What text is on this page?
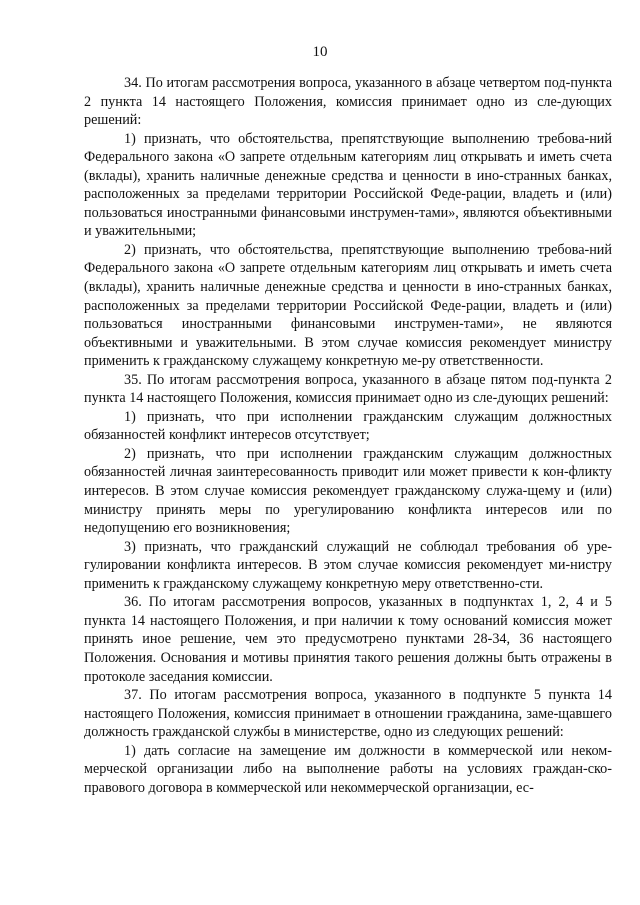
10

34. По итогам рассмотрения вопроса, указанного в абзаце четвертом под-пункта 2 пункта 14 настоящего Положения, комиссия принимает одно из сле-дующих решений:

1) признать, что обстоятельства, препятствующие выполнению требова-ний Федерального закона «О запрете отдельным категориям лиц открывать и иметь счета (вклады), хранить наличные денежные средства и ценности в ино-странных банках, расположенных за пределами территории Российской Феде-рации, владеть и (или) пользоваться иностранными финансовыми инструмен-тами», являются объективными и уважительными;

2) признать, что обстоятельства, препятствующие выполнению требова-ний Федерального закона «О запрете отдельным категориям лиц открывать и иметь счета (вклады), хранить наличные денежные средства и ценности в ино-странных банках, расположенных за пределами территории Российской Феде-рации, владеть и (или) пользоваться иностранными финансовыми инструмен-тами», не являются объективными и уважительными. В этом случае комиссия рекомендует министру применить к гражданскому служащему конкретную ме-ру ответственности.

35. По итогам рассмотрения вопроса, указанного в абзаце пятом под-пункта 2 пункта 14 настоящего Положения, комиссия принимает одно из сле-дующих решений:

1) признать, что при исполнении гражданским служащим должностных обязанностей конфликт интересов отсутствует;

2) признать, что при исполнении гражданским служащим должностных обязанностей личная заинтересованность приводит или может привести к кон-фликту интересов. В этом случае комиссия рекомендует гражданскому служа-щему и (или) министру принять меры по урегулированию конфликта интересов или по недопущению его возникновения;

3) признать, что гражданский служащий не соблюдал требования об уре-гулировании конфликта интересов. В этом случае комиссия рекомендует ми-нистру применить к гражданскому служащему конкретную меру ответственно-сти.

36. По итогам рассмотрения вопросов, указанных в подпунктах 1, 2, 4 и 5 пункта 14 настоящего Положения, и при наличии к тому оснований комиссия может принять иное решение, чем это предусмотрено пунктами 28-34, 36 настоящего Положения. Основания и мотивы принятия такого решения должны быть отражены в протоколе заседания комиссии.

37. По итогам рассмотрения вопроса, указанного в подпункте 5 пункта 14 настоящего Положения, комиссия принимает в отношении гражданина, заме-щавшего должность гражданской службы в министерстве, одно из следующих решений:

1) дать согласие на замещение им должности в коммерческой или неком-мерческой организации либо на выполнение работы на условиях граждан-ско-правового договора в коммерческой или некоммерческой организации, ес-
